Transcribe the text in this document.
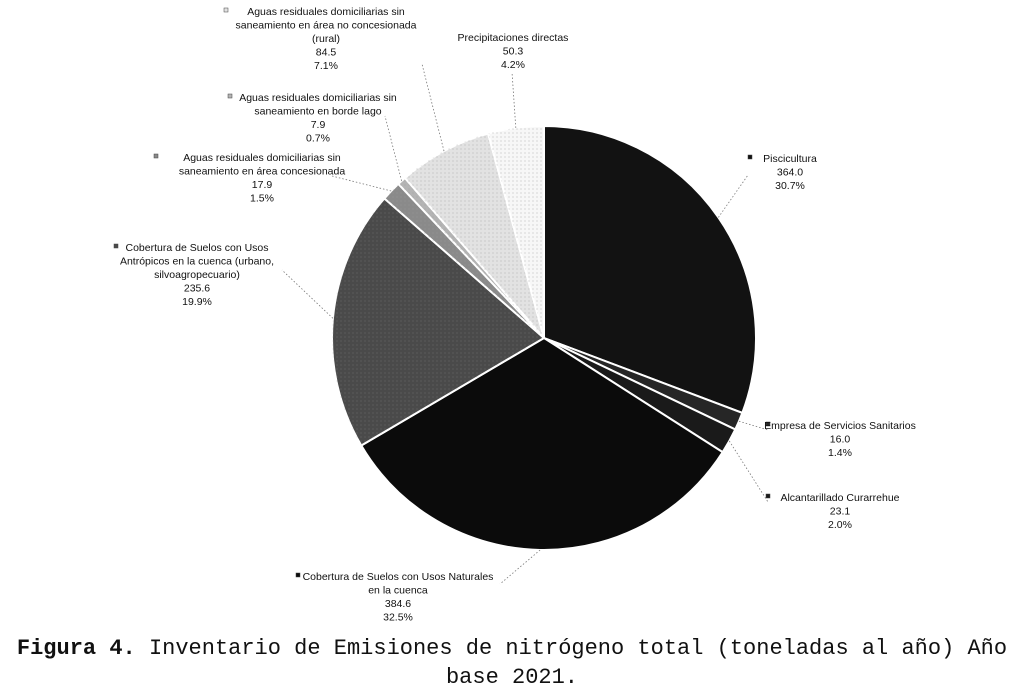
Piscicultura
364.0
30.7%
Empresa de Servicios Sanitarios
16.0
1.4%
Alcantarillado Curarrehue
23.1
2.0%
Cobertura de Suelos con Usos Naturales
en la cuenca
384.6
32.5%
Cobertura de Suelos con Usos
Antrópicos en la cuenca (urbano,
silvoagropecuario)
235.6
19.9%
Aguas residuales domiciliarias sin
saneamiento en área concesionada
17.9
1.5%
Aguas residuales domiciliarias sin
saneamiento en borde lago
7.9
0.7%
Aguas residuales domiciliarias sin
saneamiento en área no concesionada
(rural)
84.5
7.1%
Precipitaciones directas
50.3
4.2%
Figura 4. Inventario de Emisiones de nitrógeno total (toneladas al año) Año base 2021.
